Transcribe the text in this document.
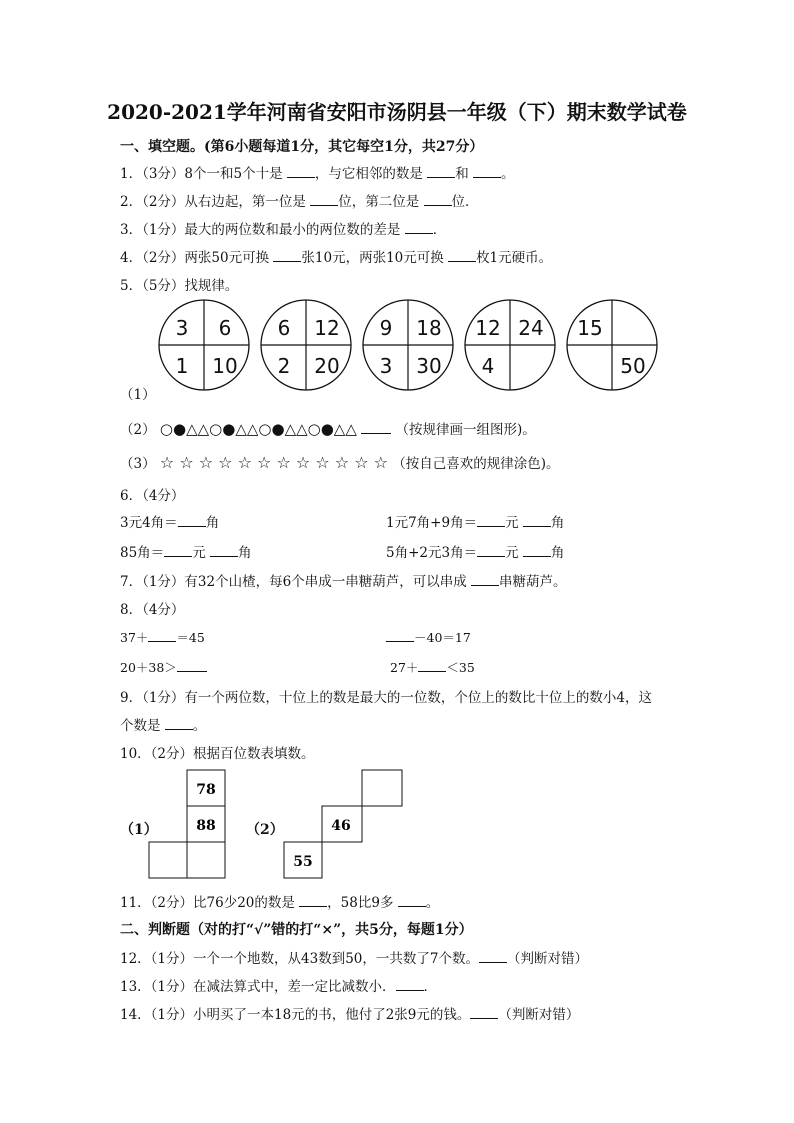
2020-2021学年河南省安阳市汤阴县一年级（下）期末数学试卷
一、填空题。(第6小题每道1分，其它每空1分，共27分）
1．（3分）8个一和5个十是 ，与它相邻的数是 和 。
2．（2分）从右边起，第一位是 位，第二位是 位．
3．（1分）最大的两位数和最小的两位数的差是 ．
4．（2分）两张50元可换 张10元，两张10元可换 枚1元硬币。
5．（5分）找规律。
3 6
1 10
6 12
2 20
9 18
3 30
12 24
4
15
50
（1）
（2） ○●△△○●△△○●△△○●△△	（按规律画一组图形)。
（3） ☆ ☆ ☆ ☆ ☆ ☆ ☆ ☆ ☆ ☆ ☆ ☆ （按自己喜欢的规律涂色)。
6．（4分）
3元4角＝ 角	1元7角+9角＝ 元 角
85角＝ 元 角	5角+2元3角＝ 元 角
7．（1分）有32个山楂，每6个串成一串糖葫芦，可以串成 串糖葫芦。
8．（4分）
37＋ ＝45	－40＝17
20＋38＞	27＋ ＜35
9．（1分）有一个两位数，十位上的数是最大的一位数，个位上的数比十位上的数小4，这
个数是 。
10．（2分）根据百位数表填数。
（1）
78
88 （2）	46
55
11．（2分）比76少20的数是 ，58比9多 。
二、判断题（对的打“√”错的打“×”，共5分，每题1分）
12．（1分）一个一个地数，从43数到50，一共数了7个数。 （判断对错）
13．（1分）在减法算式中，差一定比减数小． ．
14．（1分）小明买了一本18元的书，他付了2张9元的钱。 （判断对错）
